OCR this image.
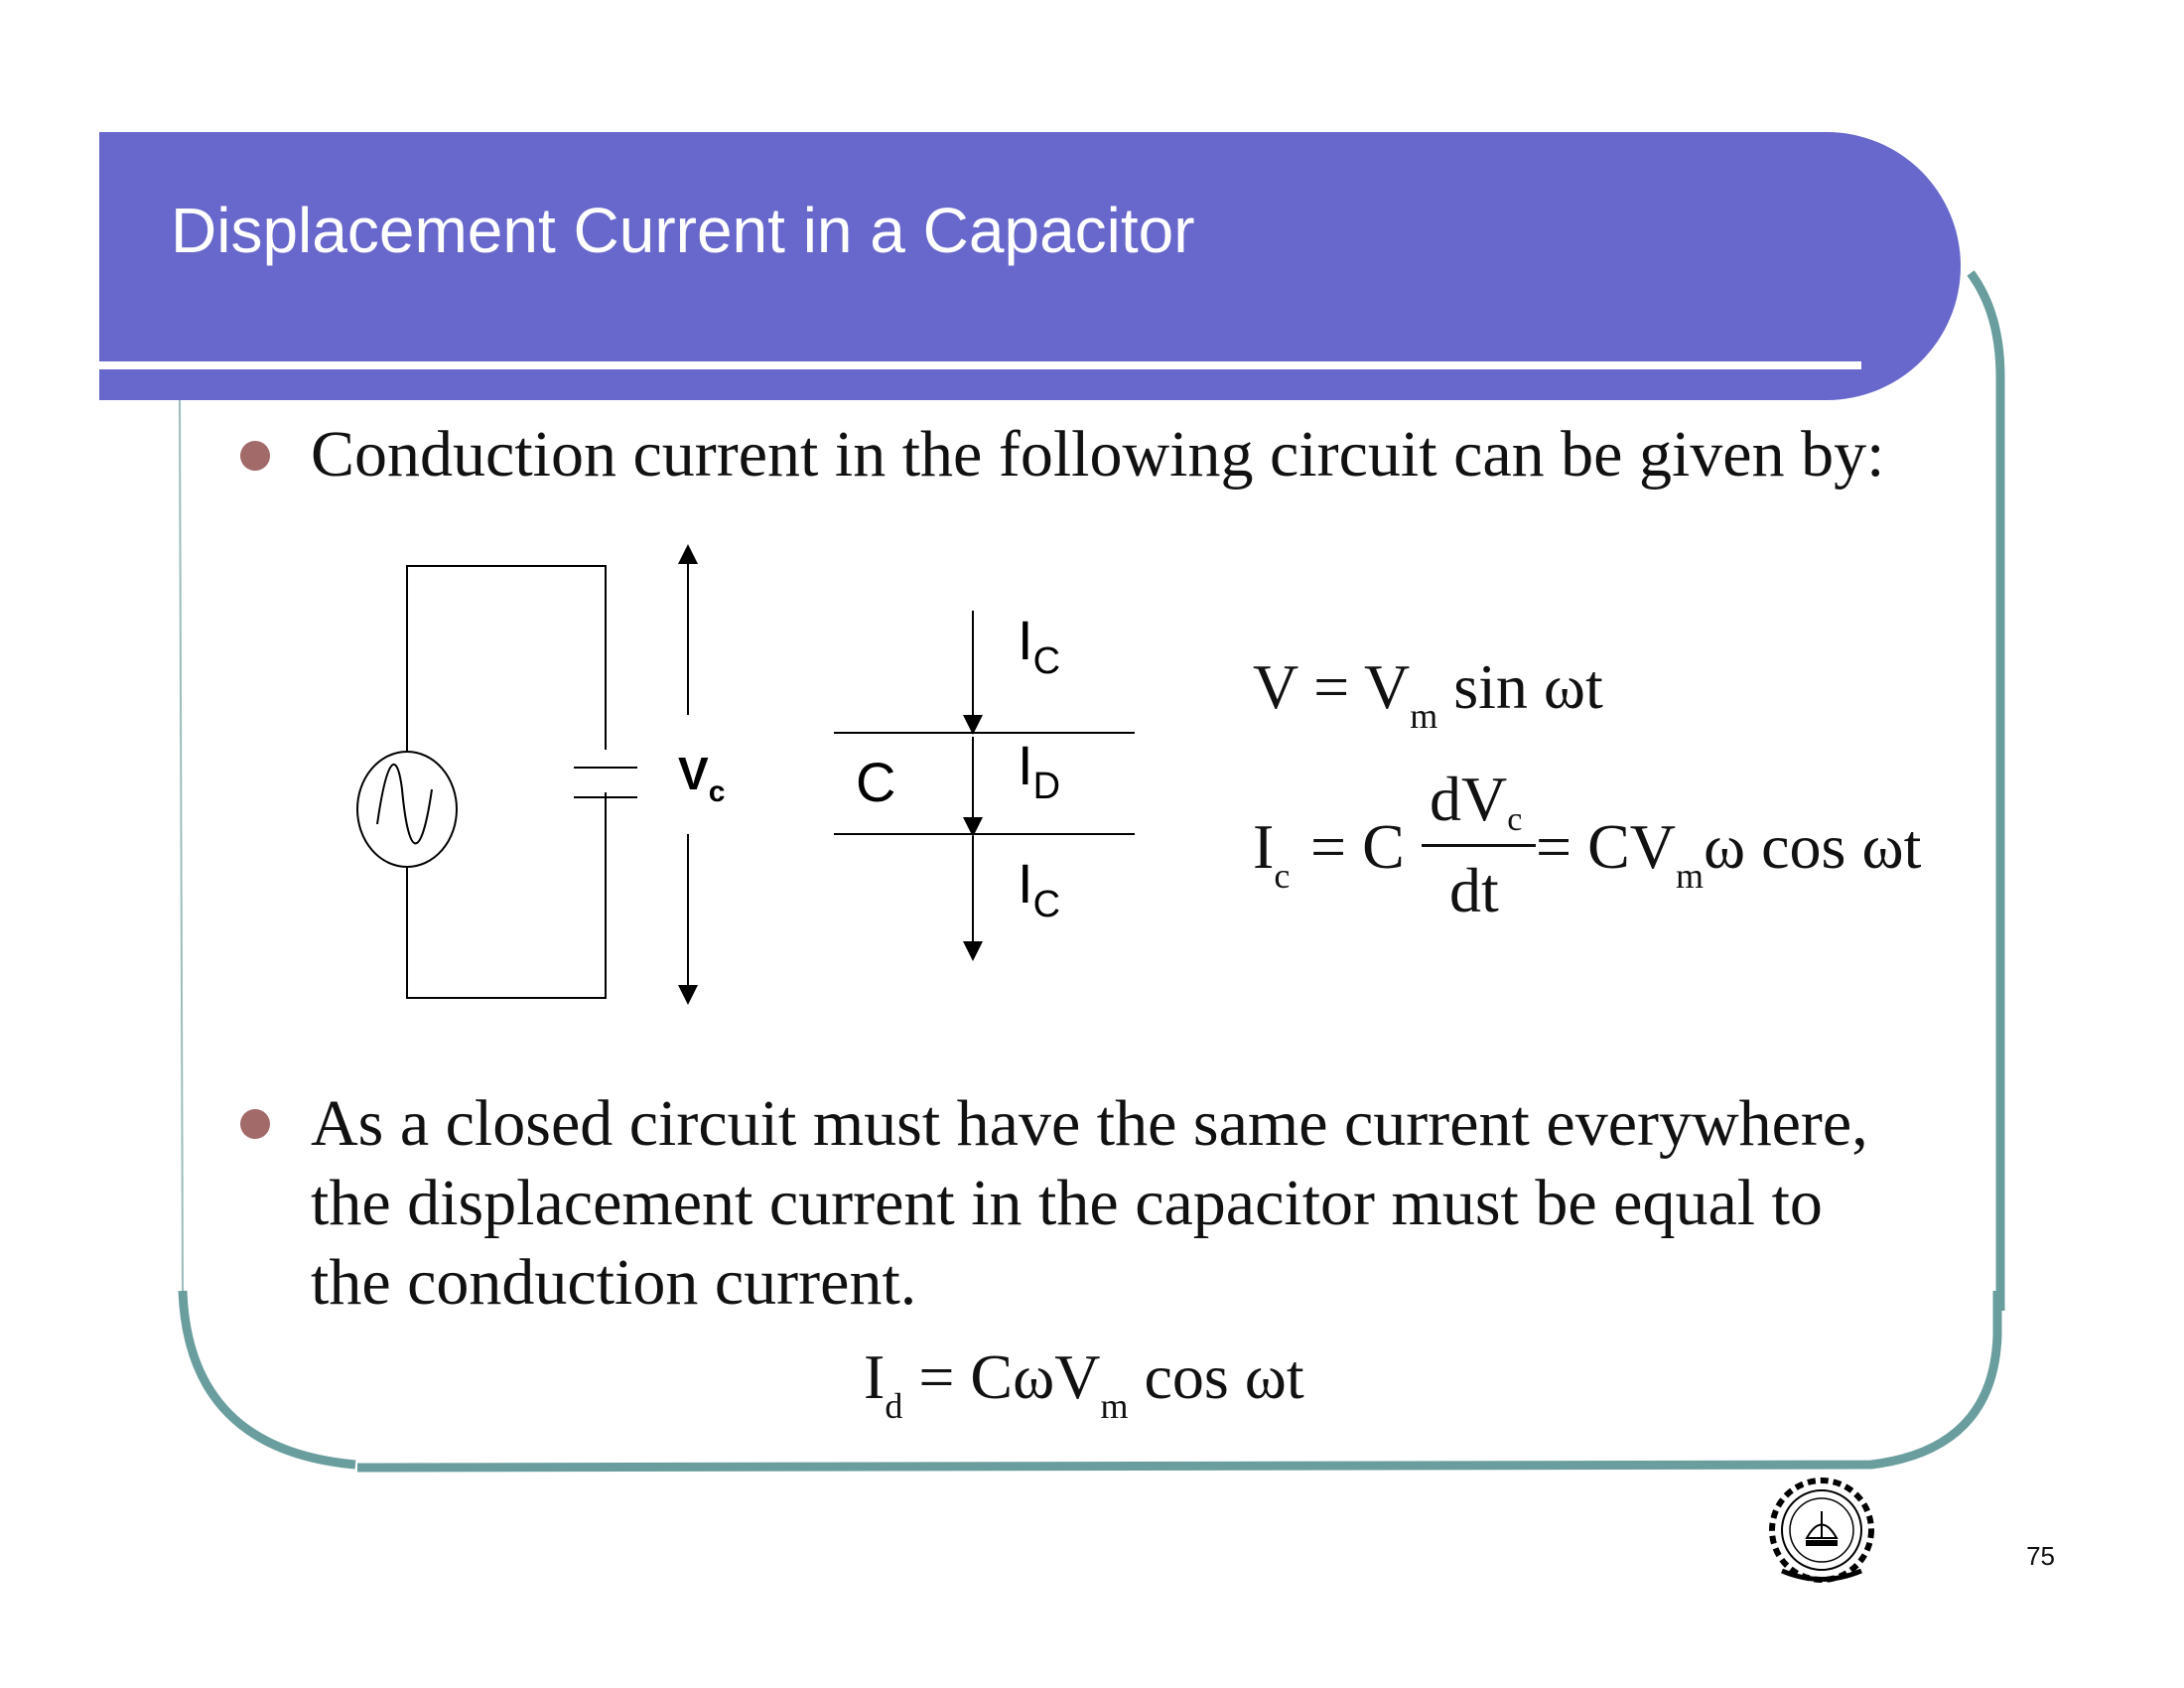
Displacement Current in a Capacitor
Conduction current in the following circuit can be given by:
$V_c$ C
$I_C$
$I_D$
$I_C$
$V = V_m$ sin ωt
$I_c = C$
dVc
dt
= $CV_m\omega$ cos ωt
As a closed circuit must have the same current everywhere,
the displacement current in the capacitor must be equal to
the conduction current.
$I_d = C\omega V_m$ cos ωt
75
